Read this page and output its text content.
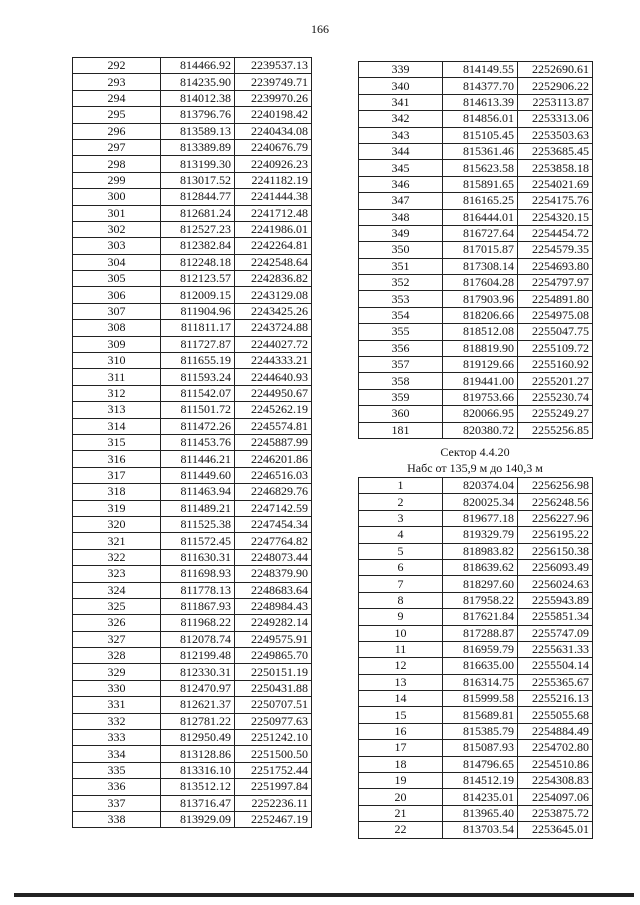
166
292	814466.92	2239537.13
293	814235.90	2239749.71
294	814012.38	2239970.26
295	813796.76	2240198.42
296	813589.13	2240434.08
297	813389.89	2240676.79
298	813199.30	2240926.23
299	813017.52	2241182.19
300	812844.77	2241444.38
301	812681.24	2241712.48
302	812527.23	2241986.01
303	812382.84	2242264.81
304	812248.18	2242548.64
305	812123.57	2242836.82
306	812009.15	2243129.08
307	811904.96	2243425.26
308	811811.17	2243724.88
309	811727.87	2244027.72
310	811655.19	2244333.21
311	811593.24	2244640.93
312	811542.07	2244950.67
313	811501.72	2245262.19
314	811472.26	2245574.81
315	811453.76	2245887.99
316	811446.21	2246201.86
317	811449.60	2246516.03
318	811463.94	2246829.76
319	811489.21	2247142.59
320	811525.38	2247454.34
321	811572.45	2247764.82
322	811630.31	2248073.44
323	811698.93	2248379.90
324	811778.13	2248683.64
325	811867.93	2248984.43
326	811968.22	2249282.14
327	812078.74	2249575.91
328	812199.48	2249865.70
329	812330.31	2250151.19
330	812470.97	2250431.88
331	812621.37	2250707.51
332	812781.22	2250977.63
333	812950.49	2251242.10
334	813128.86	2251500.50
335	813316.10	2251752.44
336	813512.12	2251997.84
337	813716.47	2252236.11
338	813929.09	2252467.19
339	814149.55	2252690.61
340	814377.70	2252906.22
341	814613.39	2253113.87
342	814856.01	2253313.06
343	815105.45	2253503.63
344	815361.46	2253685.45
345	815623.58	2253858.18
346	815891.65	2254021.69
347	816165.25	2254175.76
348	816444.01	2254320.15
349	816727.64	2254454.72
350	817015.87	2254579.35
351	817308.14	2254693.80
352	817604.28	2254797.97
353	817903.96	2254891.80
354	818206.66	2254975.08
355	818512.08	2255047.75
356	818819.90	2255109.72
357	819129.66	2255160.92
358	819441.00	2255201.27
359	819753.66	2255230.74
360	820066.95	2255249.27
181	820380.72	2255256.85
Сектор 4.4.20
Набс от 135,9 м до 140,3 м
1	820374.04	2256256.98
2	820025.34	2256248.56
3	819677.18	2256227.96
4	819329.79	2256195.22
5	818983.82	2256150.38
6	818639.62	2256093.49
7	818297.60	2256024.63
8	817958.22	2255943.89
9	817621.84	2255851.34
10	817288.87	2255747.09
11	816959.79	2255631.33
12	816635.00	2255504.14
13	816314.75	2255365.67
14	815999.58	2255216.13
15	815689.81	2255055.68
16	815385.79	2254884.49
17	815087.93	2254702.80
18	814796.65	2254510.86
19	814512.19	2254308.83
20	814235.01	2254097.06
21	813965.40	2253875.72
22	813703.54	2253645.01
